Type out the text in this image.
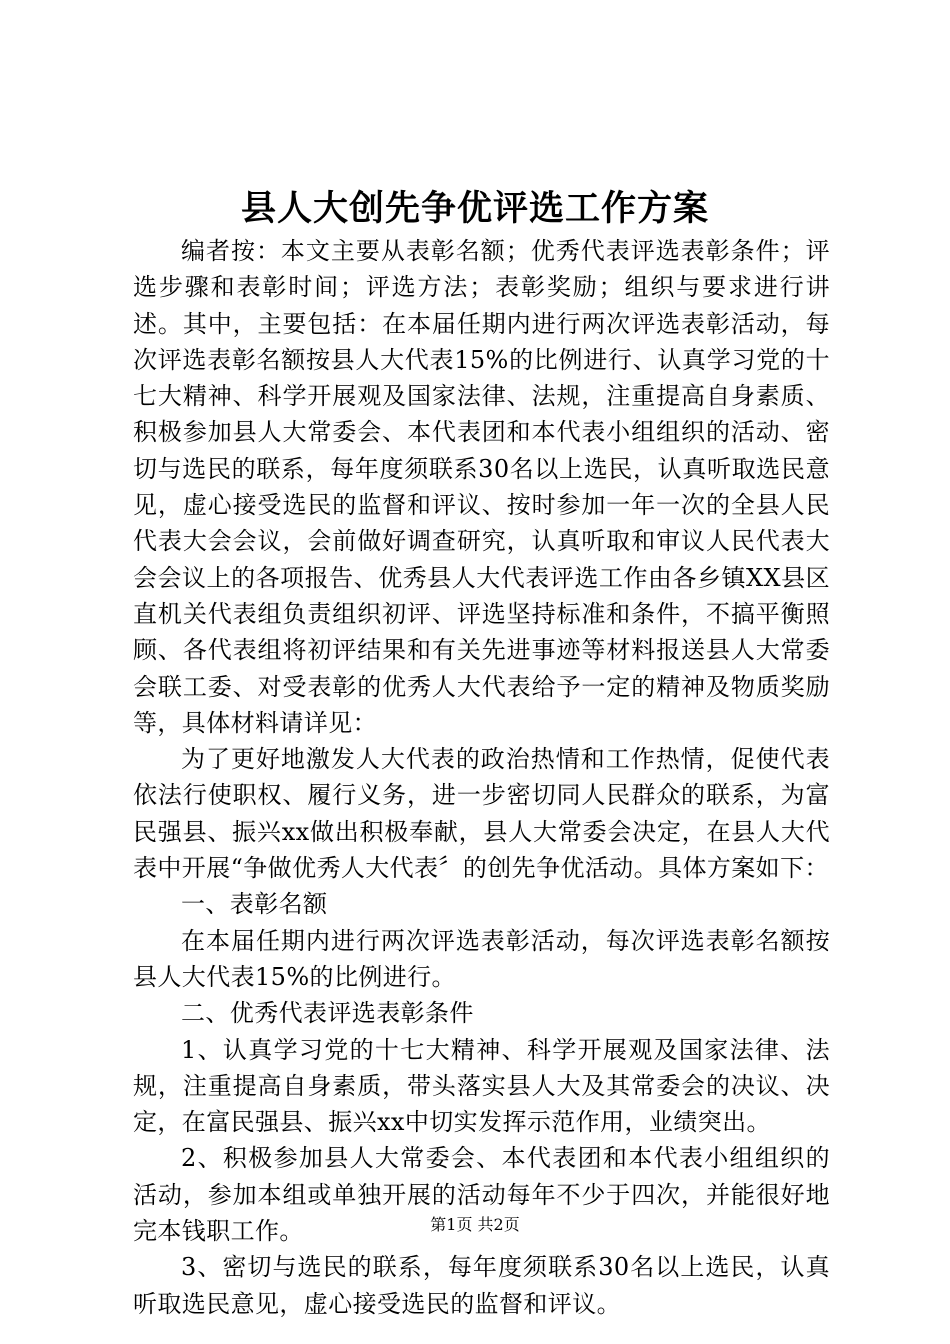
县人大创先争优评选工作方案

编者按：本文主要从表彰名额；优秀代表评选表彰条件；评选步骤和表彰时间；评选方法；表彰奖励；组织与要求进行讲述。其中，主要包括：在本届任期内进行两次评选表彰活动，每次评选表彰名额按县人大代表15%的比例进行、认真学习党的十七大精神、科学开展观及国家法律、法规，注重提高自身素质、积极参加县人大常委会、本代表团和本代表小组组织的活动、密切与选民的联系，每年度须联系30名以上选民，认真听取选民意见，虚心接受选民的监督和评议、按时参加一年一次的全县人民代表大会会议，会前做好调查研究，认真听取和审议人民代表大会会议上的各项报告、优秀县人大代表评选工作由各乡镇XX县区直机关代表组负责组织初评、评选坚持标准和条件，不搞平衡照顾、各代表组将初评结果和有关先进事迹等材料报送县人大常委会联工委、对受表彰的优秀人大代表给予一定的精神及物质奖励等，具体材料请详见：

为了更好地激发人大代表的政治热情和工作热情，促使代表依法行使职权、履行义务，进一步密切同人民群众的联系，为富民强县、振兴xx做出积极奉献，县人大常委会决定，在县人大代表中开展“争做优秀人大代表〞的创先争优活动。具体方案如下：

一、表彰名额

在本届任期内进行两次评选表彰活动，每次评选表彰名额按县人大代表15%的比例进行。

二、优秀代表评选表彰条件

1、认真学习党的十七大精神、科学开展观及国家法律、法规，注重提高自身素质，带头落实县人大及其常委会的决议、决定，在富民强县、振兴xx中切实发挥示范作用，业绩突出。

2、积极参加县人大常委会、本代表团和本代表小组组织的活动，参加本组或单独开展的活动每年不少于四次，并能很好地完本钱职工作。

3、密切与选民的联系，每年度须联系30名以上选民，认真听取选民意见，虚心接受选民的监督和评议。

第1页 共2页
